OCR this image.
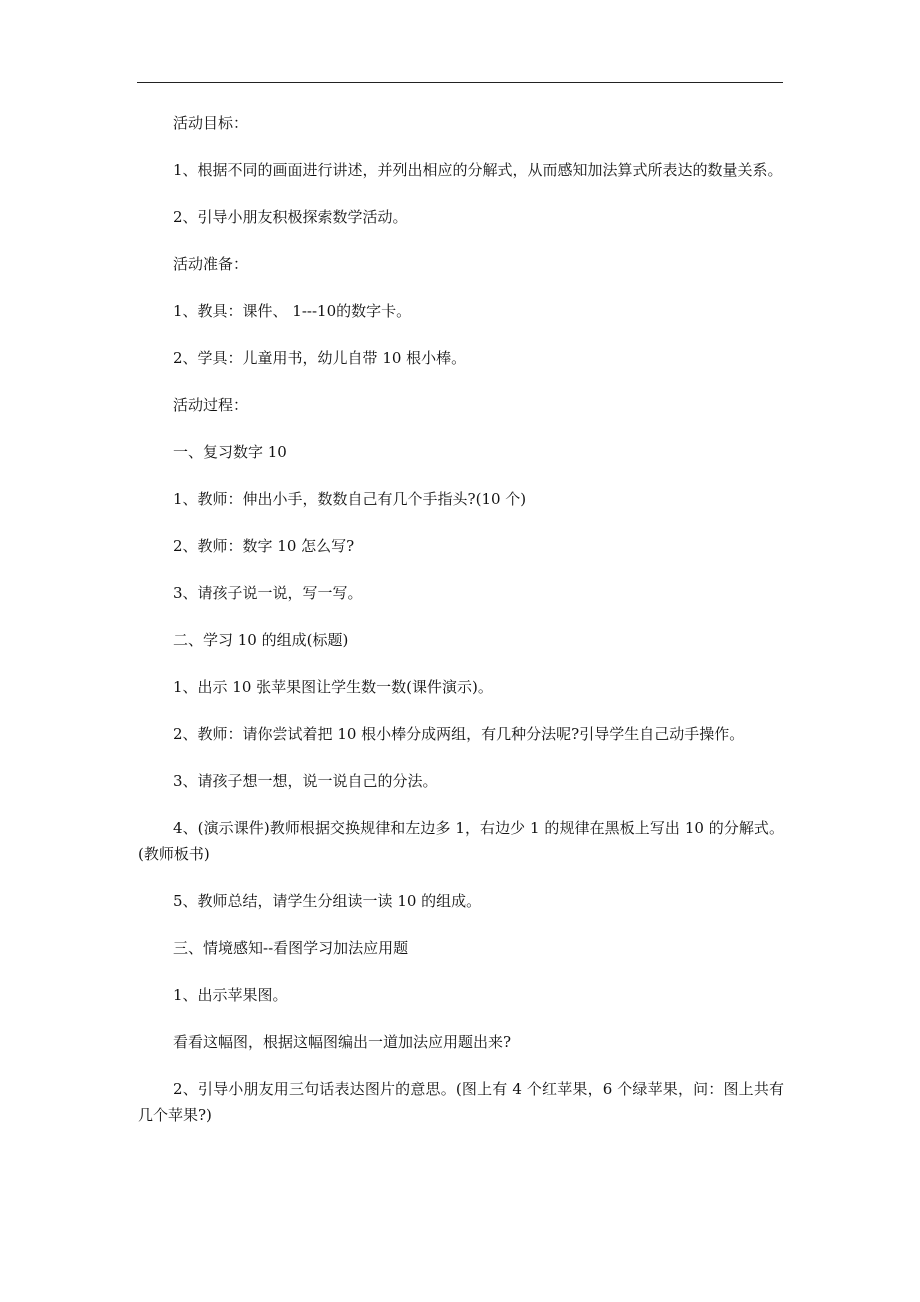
活动目标：

1、根据不同的画面进行讲述，并列出相应的分解式，从而感知加法算式所表达的数量关系。

2、引导小朋友积极探索数学活动。

活动准备：

1、教具：课件、 1---10的数字卡。

2、学具：儿童用书，幼儿自带 10 根小棒。

活动过程：

一、复习数字 10

1、教师：伸出小手，数数自己有几个手指头?(10 个)

2、教师：数字 10 怎么写?

3、请孩子说一说，写一写。

二、学习 10 的组成(标题)

1、出示 10 张苹果图让学生数一数(课件演示)。

2、教师：请你尝试着把 10 根小棒分成两组，有几种分法呢?引导学生自己动手操作。

3、请孩子想一想，说一说自己的分法。

4、(演示课件)教师根据交换规律和左边多 1，右边少 1 的规律在黑板上写出 10 的分解式。(教师板书)

5、教师总结，请学生分组读一读 10 的组成。

三、情境感知--看图学习加法应用题

1、出示苹果图。

看看这幅图，根据这幅图编出一道加法应用题出来?

2、引导小朋友用三句话表达图片的意思。(图上有 4 个红苹果，6 个绿苹果，问：图上共有几个苹果?)
